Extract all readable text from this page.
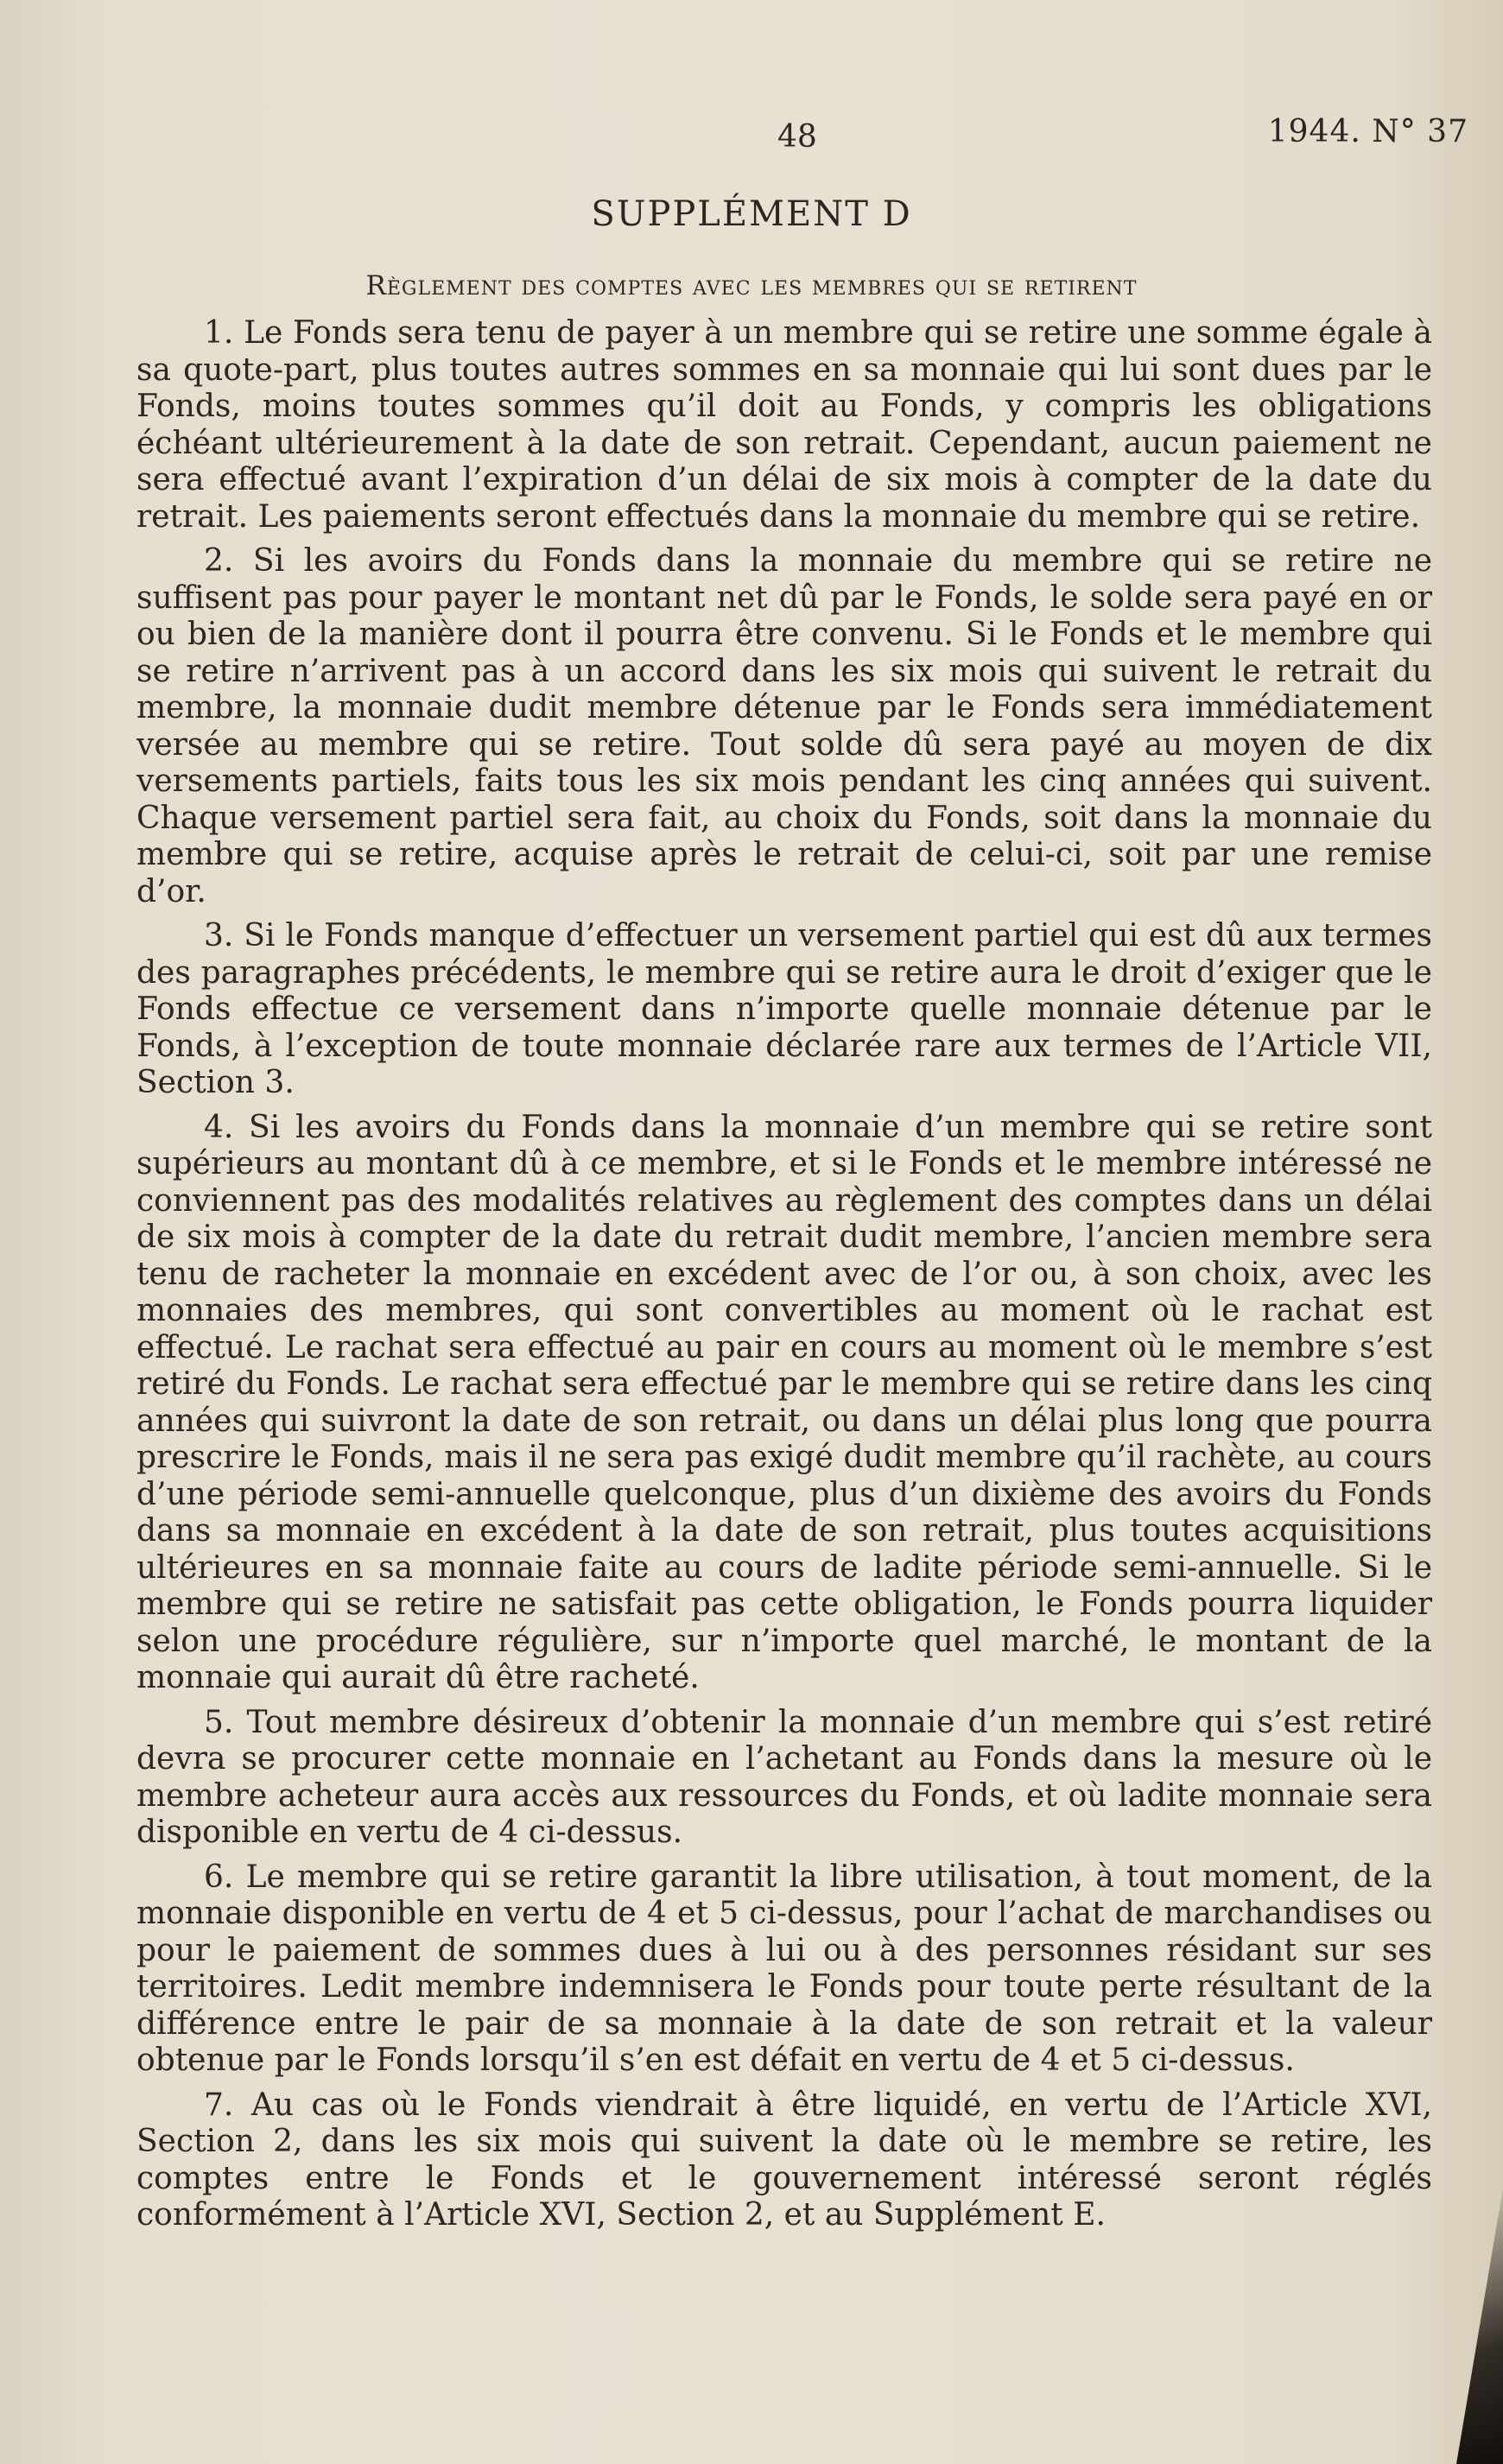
48	1944. N° 37
SUPPLÉMENT D
Règlement des comptes avec les membres qui se retirent

1. Le Fonds sera tenu de payer à un membre qui se retire une somme égale à sa quote-part, plus toutes autres sommes en sa monnaie qui lui sont dues par le Fonds, moins toutes sommes qu’il doit au Fonds, y compris les obligations échéant ultérieurement à la date de son retrait. Cependant, aucun paiement ne sera effectué avant l’expiration d’un délai de six mois à compter de la date du retrait. Les paiements seront effectués dans la monnaie du membre qui se retire.

2. Si les avoirs du Fonds dans la monnaie du membre qui se retire ne suffisent pas pour payer le montant net dû par le Fonds, le solde sera payé en or ou bien de la manière dont il pourra être convenu. Si le Fonds et le membre qui se retire n’arrivent pas à un accord dans les six mois qui suivent le retrait du membre, la monnaie dudit membre détenue par le Fonds sera immédiatement versée au membre qui se retire. Tout solde dû sera payé au moyen de dix versements partiels, faits tous les six mois pendant les cinq années qui suivent. Chaque versement partiel sera fait, au choix du Fonds, soit dans la monnaie du membre qui se retire, acquise après le retrait de celui-ci, soit par une remise d’or.

3. Si le Fonds manque d’effectuer un versement partiel qui est dû aux termes des paragraphes précédents, le membre qui se retire aura le droit d’exiger que le Fonds effectue ce versement dans n’importe quelle monnaie détenue par le Fonds, à l’exception de toute monnaie déclarée rare aux termes de l’Article VII, Section 3.

4. Si les avoirs du Fonds dans la monnaie d’un membre qui se retire sont supérieurs au montant dû à ce membre, et si le Fonds et le membre intéressé ne conviennent pas des modalités relatives au règlement des comptes dans un délai de six mois à compter de la date du retrait dudit membre, l’ancien membre sera tenu de racheter la monnaie en excédent avec de l’or ou, à son choix, avec les monnaies des membres, qui sont convertibles au moment où le rachat est effectué. Le rachat sera effectué au pair en cours au moment où le membre s’est retiré du Fonds. Le rachat sera effectué par le membre qui se retire dans les cinq années qui suivront la date de son retrait, ou dans un délai plus long que pourra prescrire le Fonds, mais il ne sera pas exigé dudit membre qu’il rachète, au cours d’une période semi-annuelle quelconque, plus d’un dixième des avoirs du Fonds dans sa monnaie en excédent à la date de son retrait, plus toutes acquisitions ultérieures en sa monnaie faite au cours de ladite période semi-annuelle. Si le membre qui se retire ne satisfait pas cette obligation, le Fonds pourra liquider selon une procédure régulière, sur n’importe quel marché, le montant de la monnaie qui aurait dû être racheté.

5. Tout membre désireux d’obtenir la monnaie d’un membre qui s’est retiré devra se procurer cette monnaie en l’achetant au Fonds dans la mesure où le membre acheteur aura accès aux ressources du Fonds, et où ladite monnaie sera disponible en vertu de 4 ci-dessus.

6. Le membre qui se retire garantit la libre utilisation, à tout moment, de la monnaie disponible en vertu de 4 et 5 ci-dessus, pour l’achat de marchandises ou pour le paiement de sommes dues à lui ou à des personnes résidant sur ses territoires. Ledit membre indemnisera le Fonds pour toute perte résultant de la différence entre le pair de sa monnaie à la date de son retrait et la valeur obtenue par le Fonds lorsqu’il s’en est défait en vertu de 4 et 5 ci-dessus.

7. Au cas où le Fonds viendrait à être liquidé, en vertu de l’Article XVI, Section 2, dans les six mois qui suivent la date où le membre se retire, les comptes entre le Fonds et le gouvernement intéressé seront réglés conformément à l’Article XVI, Section 2, et au Supplément E.
